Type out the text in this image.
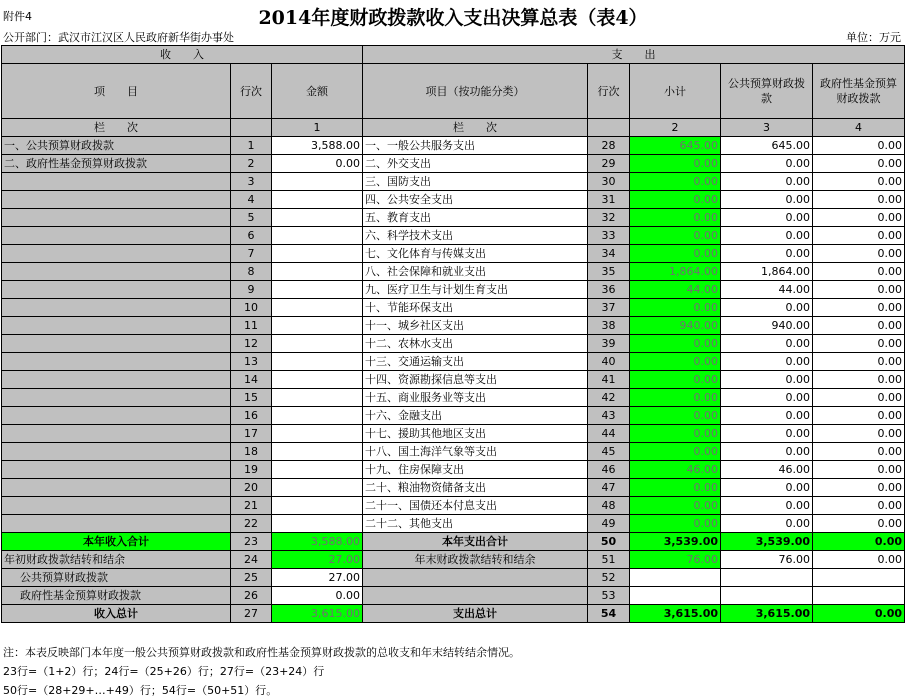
附件4	2014年度财政拨款收入支出决算总表（表4）
公开部门：武汉市江汉区人民政府新华街办事处	单位：万元
收　　入			支　　出				
项　　目	行次	金额	项目（按功能分类）	行次	小计	公共预算财政拨款	政府性基金预算财政拨款
栏　　次		1	栏　　次		2	3	4
一、公共预算财政拨款	1	3,588.00	一、一般公共服务支出	28	645.00	645.00	0.00
二、政府性基金预算财政拨款	2	0.00	二、外交支出	29	0.00	0.00	0.00
	3		三、国防支出	30	0.00	0.00	0.00
	4		四、公共安全支出	31	0.00	0.00	0.00
	5		五、教育支出	32	0.00	0.00	0.00
	6		六、科学技术支出	33	0.00	0.00	0.00
	7		七、文化体育与传媒支出	34	0.00	0.00	0.00
	8		八、社会保障和就业支出	35	1,864.00	1,864.00	0.00
	9		九、医疗卫生与计划生育支出	36	44.00	44.00	0.00
	10		十、节能环保支出	37	0.00	0.00	0.00
	11		十一、城乡社区支出	38	940.00	940.00	0.00
	12		十二、农林水支出	39	0.00	0.00	0.00
	13		十三、交通运输支出	40	0.00	0.00	0.00
	14		十四、资源勘探信息等支出	41	0.00	0.00	0.00
	15		十五、商业服务业等支出	42	0.00	0.00	0.00
	16		十六、金融支出	43	0.00	0.00	0.00
	17		十七、援助其他地区支出	44	0.00	0.00	0.00
	18		十八、国土海洋气象等支出	45	0.00	0.00	0.00
	19		十九、住房保障支出	46	46.00	46.00	0.00
	20		二十、粮油物资储备支出	47	0.00	0.00	0.00
	21		二十一、国债还本付息支出	48	0.00	0.00	0.00
	22		二十二、其他支出	49	0.00	0.00	0.00
本年收入合计	23	3,588.00	本年支出合计	50	3,539.00	3,539.00	0.00
年初财政拨款结转和结余	24	27.00	年末财政拨款结转和结余	51	76.00	76.00	0.00
公共预算财政拨款	25	27.00		52			
政府性基金预算财政拨款	26	0.00		53			
收入总计	27	3,615.00	支出总计	54	3,615.00	3,615.00	0.00
注：本表反映部门本年度一般公共预算财政拨款和政府性基金预算财政拨款的总收支和年末结转结余情况。
23行=（1+2）行；24行=（25+26）行；27行=（23+24）行
50行=（28+29+…+49）行；54行=（50+51）行。
